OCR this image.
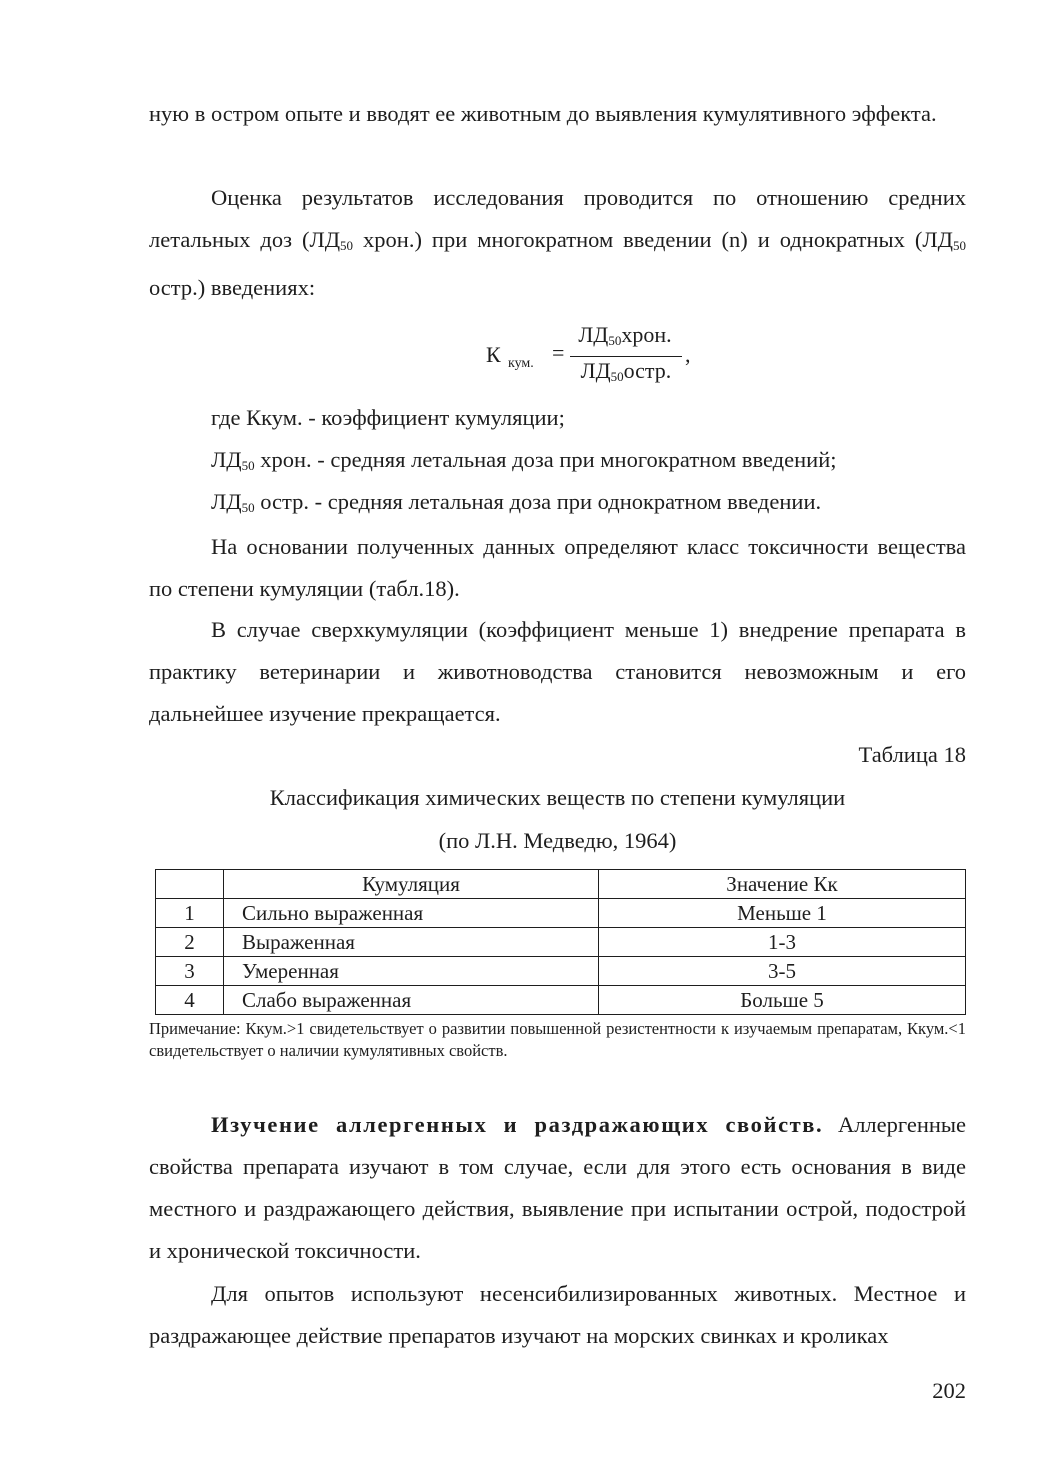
ную в остром опыте и вводят ее животным до выявления кумулятивного эффекта.

Оценка результатов исследования проводится по отношению средних летальных доз ($ЛД_{50}$ хрон.) при многократном введении (n) и однократных ($ЛД_{50}$ остр.) введениях:

К кум. =
$ЛД_{50}хрон$.
$ЛД_{50}остр$.
,

где Ккум. - коэффициент кумуляции;

$ЛД_{50}$ хрон. - средняя летальная доза при многократном введений;

$ЛД_{50}$ остр. - средняя летальная доза при однократном введении.

На основании полученных данных определяют класс токсичности вещества по степени кумуляции (табл.18).

В случае сверхкумуляции (коэффициент меньше 1) внедрение препарата в практику ветеринарии и животноводства становится невозможным и его дальнейшее изучение прекращается.

Таблица 18
Классификация химических веществ по степени кумуляции
(по Л.Н. Медведю, 1964)
	Кумуляция	Значение Кк
1	Сильно выраженная	Меньше 1
2	Выраженная	1-3
3	Умеренная	3-5
4	Слабо выраженная	Больше 5

Примечание: Ккум.>1 свидетельствует о развитии повышенной резистентности к изучаемым препаратам, Ккум.<1 свидетельствует о наличии кумулятивных свойств.

Изучение аллергенных и раздражающих свойств. Аллергенные свойства препарата изучают в том случае, если для этого есть основания в виде местного и раздражающего действия, выявление при испытании острой, подострой и хронической токсичности.

Для опытов используют несенсибилизированных животных. Местное и раздражающее действие препаратов изучают на морских свинках и кроликах

202
